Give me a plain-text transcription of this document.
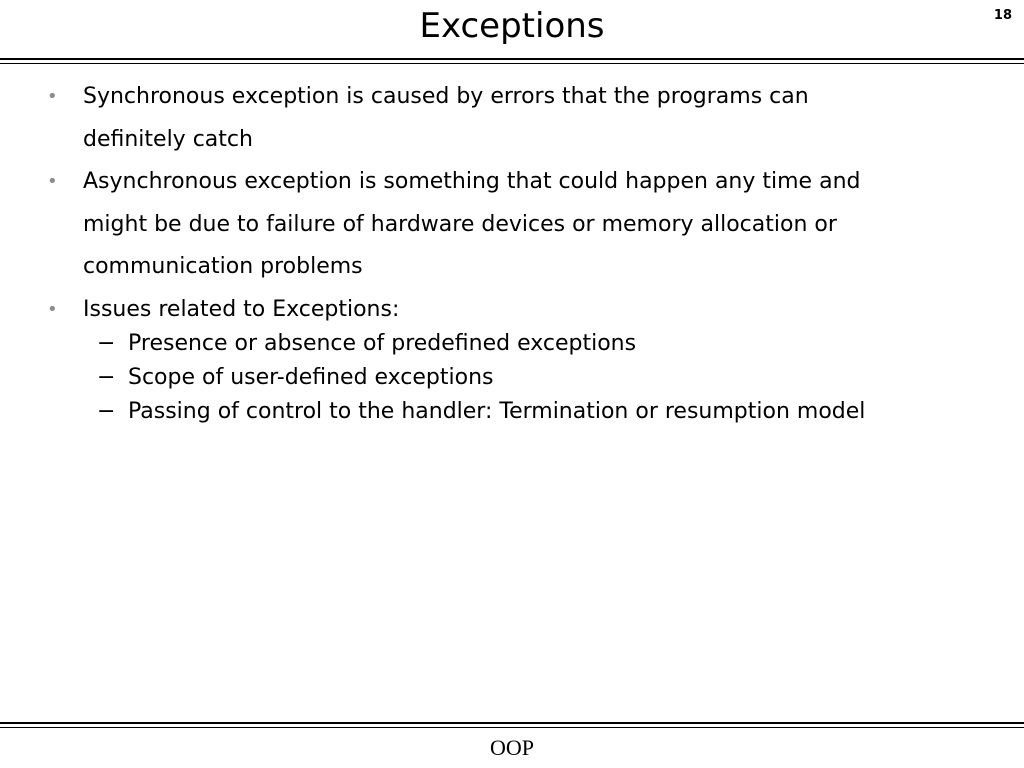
Exceptions	18
• Synchronous exception is caused by errors that the programs can
definitely catch
• Asynchronous exception is something that could happen any time and
might be due to failure of hardware devices or memory allocation or
communication problems
• Issues related to Exceptions:
− Presence or absence of predefined exceptions
− Scope of user-defined exceptions
− Passing of control to the handler: Termination or resumption model
OOP
